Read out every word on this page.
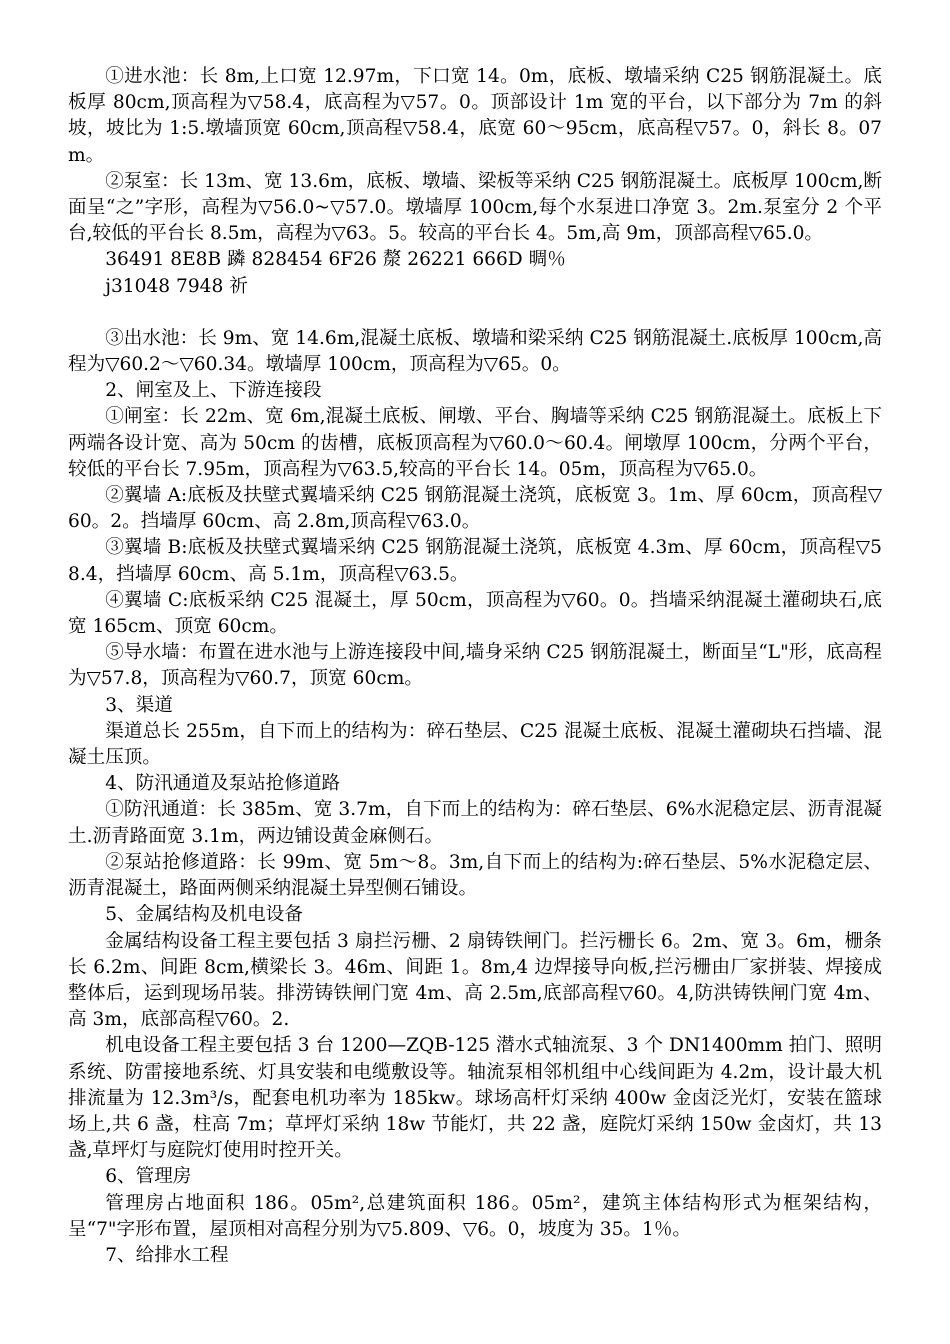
①进水池：长 8m,上口宽 12.97m，下口宽 14。0m，底板、墩墙采纳 C25 钢筋混凝土。底板厚 80cm,顶高程为▽58.4，底高程为▽57。0。顶部设计 1m 宽的平台，以下部分为 7m 的斜坡，坡比为 1:5.墩墙顶宽 60cm,顶高程▽58.4，底宽 60～95cm，底高程▽57。0，斜长 8。07m。

②泵室：长 13m、宽 13.6m，底板、墩墙、梁板等采纳 C25 钢筋混凝土。底板厚 100cm,断面呈“之”字形，高程为▽56.0~▽57.0。墩墙厚 100cm,每个水泵进口净宽 3。2m.泵室分 2 个平台,较低的平台长 8.5m，高程为▽63。5。较高的平台长 4。5m,高 9m，顶部高程▽65.0。

36491 8E8B 蹸 828454 6F26 漦 26221 666D 晭％

j31048 7948 祈

③出水池：长 9m、宽 14.6m,混凝土底板、墩墙和梁采纳 C25 钢筋混凝土.底板厚 100cm,高程为▽60.2～▽60.34。墩墙厚 100cm，顶高程为▽65。0。

2、闸室及上、下游连接段

①闸室：长 22m、宽 6m,混凝土底板、闸墩、平台、胸墙等采纳 C25 钢筋混凝土。底板上下两端各设计宽、高为 50cm 的齿槽，底板顶高程为▽60.0～60.4。闸墩厚 100cm，分两个平台，较低的平台长 7.95m，顶高程为▽63.5,较高的平台长 14。05m，顶高程为▽65.0。

②翼墙 A:底板及扶壁式翼墙采纳 C25 钢筋混凝土浇筑，底板宽 3。1m、厚 60cm，顶高程▽60。2。挡墙厚 60cm、高 2.8m,顶高程▽63.0。

③翼墙 B:底板及扶壁式翼墙采纳 C25 钢筋混凝土浇筑，底板宽 4.3m、厚 60cm，顶高程▽58.4，挡墙厚 60cm、高 5.1m，顶高程▽63.5。

④翼墙 C:底板采纳 C25 混凝土，厚 50cm，顶高程为▽60。0。挡墙采纳混凝土灌砌块石,底宽 165cm、顶宽 60cm。

⑤导水墙：布置在进水池与上游连接段中间,墙身采纳 C25 钢筋混凝土，断面呈“L"形，底高程为▽57.8，顶高程为▽60.7，顶宽 60cm。

3、渠道

渠道总长 255m，自下而上的结构为：碎石垫层、C25 混凝土底板、混凝土灌砌块石挡墙、混凝土压顶。

4、防汛通道及泵站抢修道路

①防汛通道：长 385m、宽 3.7m，自下而上的结构为：碎石垫层、6%水泥稳定层、沥青混凝土.沥青路面宽 3.1m，两边铺设黄金麻侧石。

②泵站抢修道路：长 99m、宽 5m～8。3m,自下而上的结构为:碎石垫层、5%水泥稳定层、沥青混凝土，路面两侧采纳混凝土异型侧石铺设。

5、金属结构及机电设备

金属结构设备工程主要包括 3 扇拦污栅、2 扇铸铁闸门。拦污栅长 6。2m、宽 3。6m，栅条长 6.2m、间距 8cm,横梁长 3。46m、间距 1。8m,4 边焊接导向板,拦污栅由厂家拼装、焊接成整体后，运到现场吊装。排涝铸铁闸门宽 4m、高 2.5m,底部高程▽60。4,防洪铸铁闸门宽 4m、高 3m，底部高程▽60。2.

机电设备工程主要包括 3 台 1200—ZQB-125 潜水式轴流泵、3 个 DN1400mm 拍门、照明系统、防雷接地系统、灯具安装和电缆敷设等。轴流泵相邻机组中心线间距为 4.2m，设计最大机排流量为 12.3m³/s，配套电机功率为 185kw。球场高杆灯采纳 400w 金卤泛光灯，安装在篮球场上,共 6 盏，柱高 7m；草坪灯采纳 18w 节能灯，共 22 盏，庭院灯采纳 150w 金卤灯，共 13 盏,草坪灯与庭院灯使用时控开关。

6、管理房

管理房占地面积 186。05m²,总建筑面积 186。05m²，建筑主体结构形式为框架结构，呈“7"字形布置，屋顶相对高程分别为▽5.809、▽6。0，坡度为 35。1％。

7、给排水工程
